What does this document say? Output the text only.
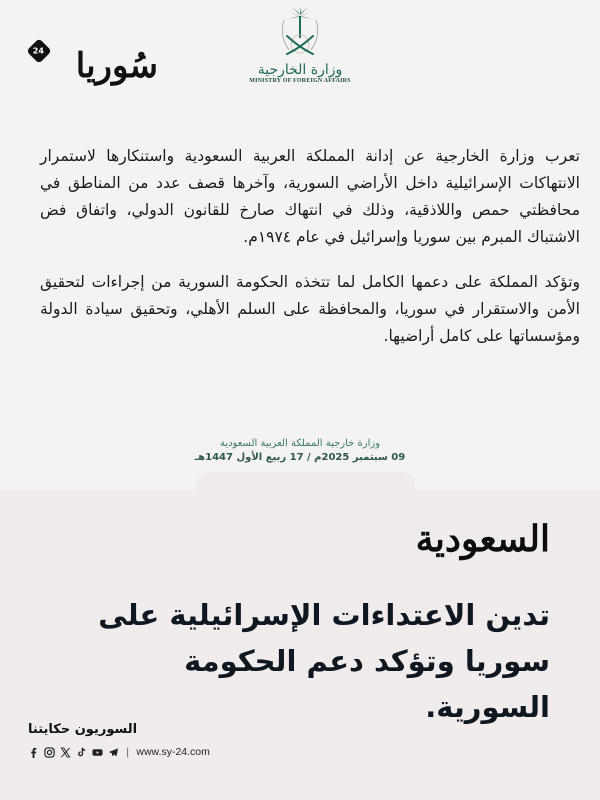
24 سُوريا	وزارة الخارجية
MINISTRY OF FOREIGN AFFAIRS

تعرب وزارة الخارجية عن إدانة المملكة العربية السعودية واستنكارها لاستمرار الانتهاكات الإسرائيلية داخل الأراضي السورية، وآخرها قصف عدد من المناطق في محافظتي حمص واللاذقية، وذلك في انتهاك صارخ للقانون الدولي، واتفاق فض الاشتباك المبرم بين سوريا وإسرائيل في عام ١٩٧٤م.

وتؤكد المملكة على دعمها الكامل لما تتخذه الحكومة السورية من إجراءات لتحقيق الأمن والاستقرار في سوريا، والمحافظة على السلم الأهلي، وتحقيق سيادة الدولة ومؤسساتها على كامل أراضيها.

وزارة خارجية المملكة العربية السعودية
09 سبتمبر 2025م / 17 ربيع الأول 1447هـ
السعودية
تدين الاعتداءات الإسرائيلية على سوريا وتؤكد دعم الحكومة السورية.
السوريون حكايتنا
| www.sy-24.com
